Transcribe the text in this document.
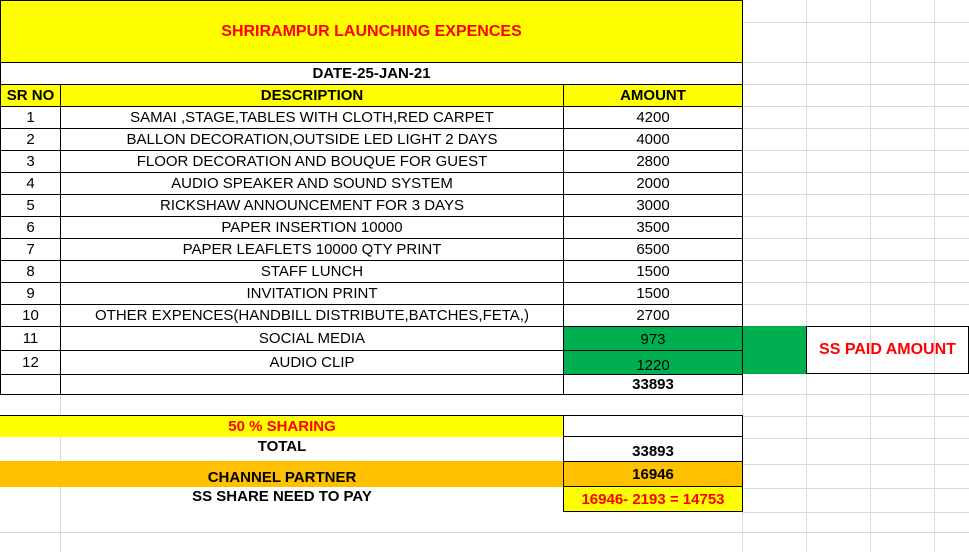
SHRIRAMPUR LAUNCHING EXPENCES
DATE-25-JAN-21
SR NO	DESCRIPTION	AMOUNT
1	SAMAI ,STAGE,TABLES WITH CLOTH,RED CARPET	4200
2	BALLON DECORATION,OUTSIDE LED LIGHT 2 DAYS	4000
3	FLOOR DECORATION AND BOUQUE FOR GUEST	2800
4	AUDIO SPEAKER AND SOUND SYSTEM	2000
5	RICKSHAW ANNOUNCEMENT FOR 3 DAYS	3000
6	PAPER INSERTION 10000	3500
7	PAPER LEAFLETS 10000 QTY PRINT	6500
8	STAFF LUNCH	1500
9	INVITATION PRINT	1500
10	OTHER EXPENCES(HANDBILL DISTRIBUTE,BATCHES,FETA,)	2700
11	SOCIAL MEDIA	973
12	AUDIO CLIP	1220
SS PAID AMOUNT
33893
50 % SHARING
TOTAL	33893
CHANNEL PARTNER	16946
SS SHARE NEED TO PAY	16946- 2193 = 14753
